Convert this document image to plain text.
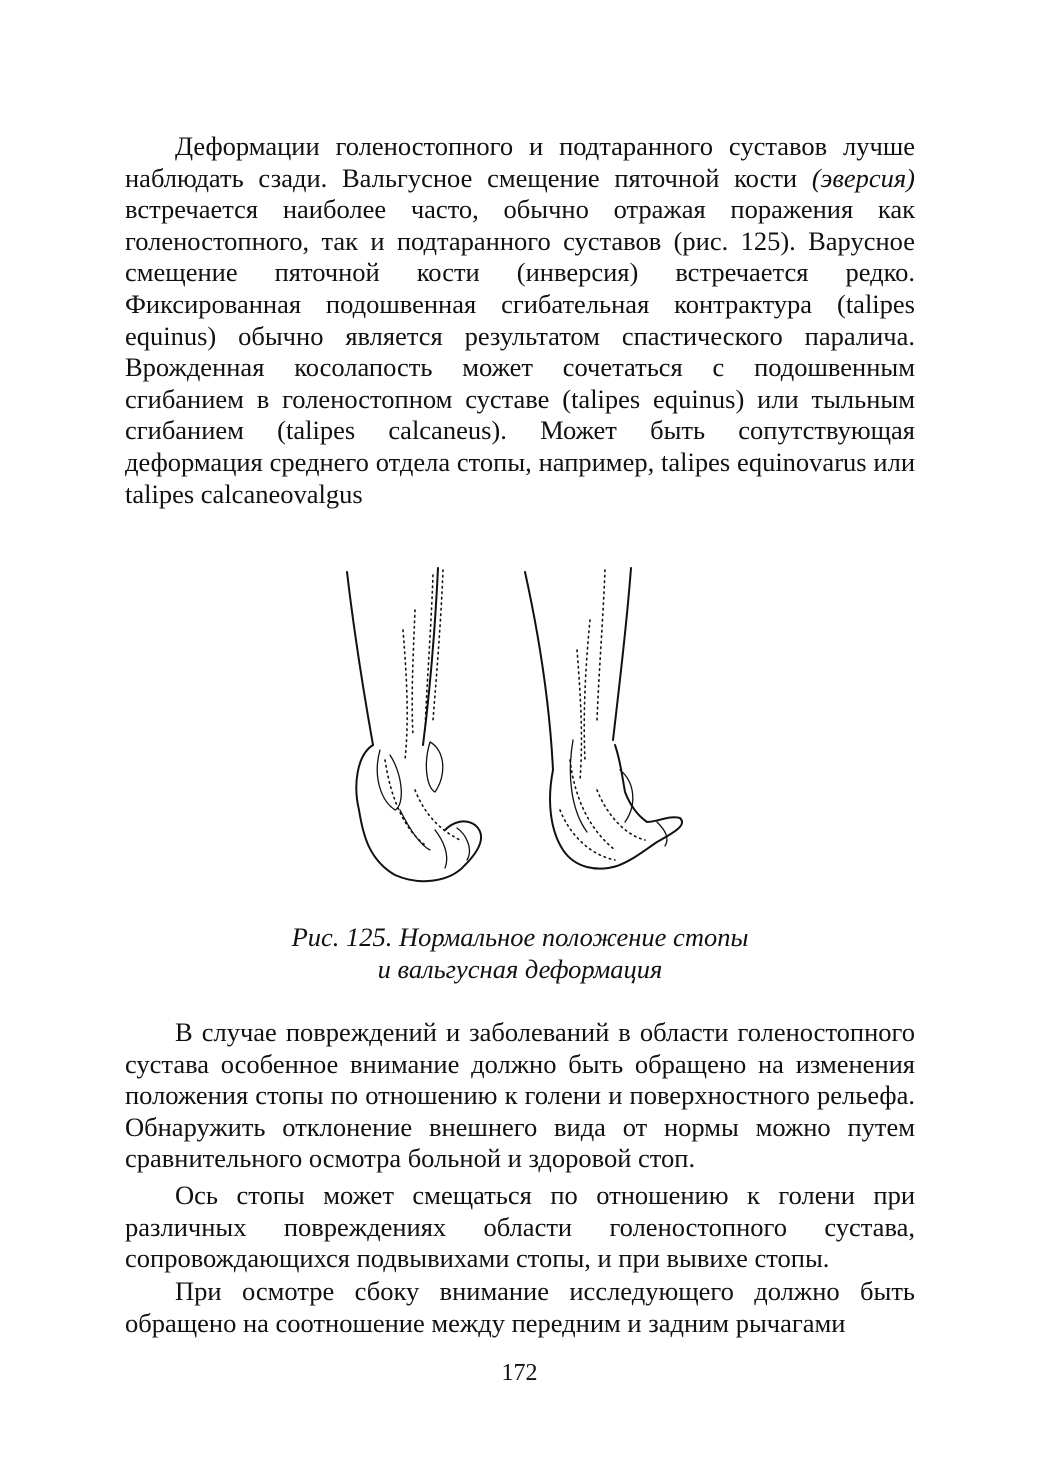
Деформации голеностопного и подтаранного суставов лучше наблюдать сзади. Вальгусное смещение пяточной кости (эверсия) встречается наиболее часто, обычно отражая поражения как голеностопного, так и подтаранного суставов (рис. 125). Варусное смещение пяточной кости (инверсия) встречается редко. Фиксированная подошвенная сгибательная контрактура (talipes equinus) обычно является результатом спастического паралича. Врожденная косолапость может сочетаться с подошвенным сгибанием в голеностопном суставе (talipes equinus) или тыльным сгибанием (talipes calcaneus). Может быть сопутствующая деформация среднего отдела стопы, например, talipes equinovarus или talipes calcaneovalgus

Рис. 125. Нормальное положение стопы
и вальгусная деформация

В случае повреждений и заболеваний в области голеностопного сустава особенное внимание должно быть обращено на изменения положения стопы по отношению к голени и поверхностного рельефа. Обнаружить отклонение внешнего вида от нормы можно путем сравнительного осмотра больной и здоровой стоп.

Ось стопы может смещаться по отношению к голени при различных повреждениях области голеностопного сустава, сопровождающихся подвывихами стопы, и при вывихе стопы.

При осмотре сбоку внимание исследующего должно быть обращено на соотношение между передним и задним рычагами

172
